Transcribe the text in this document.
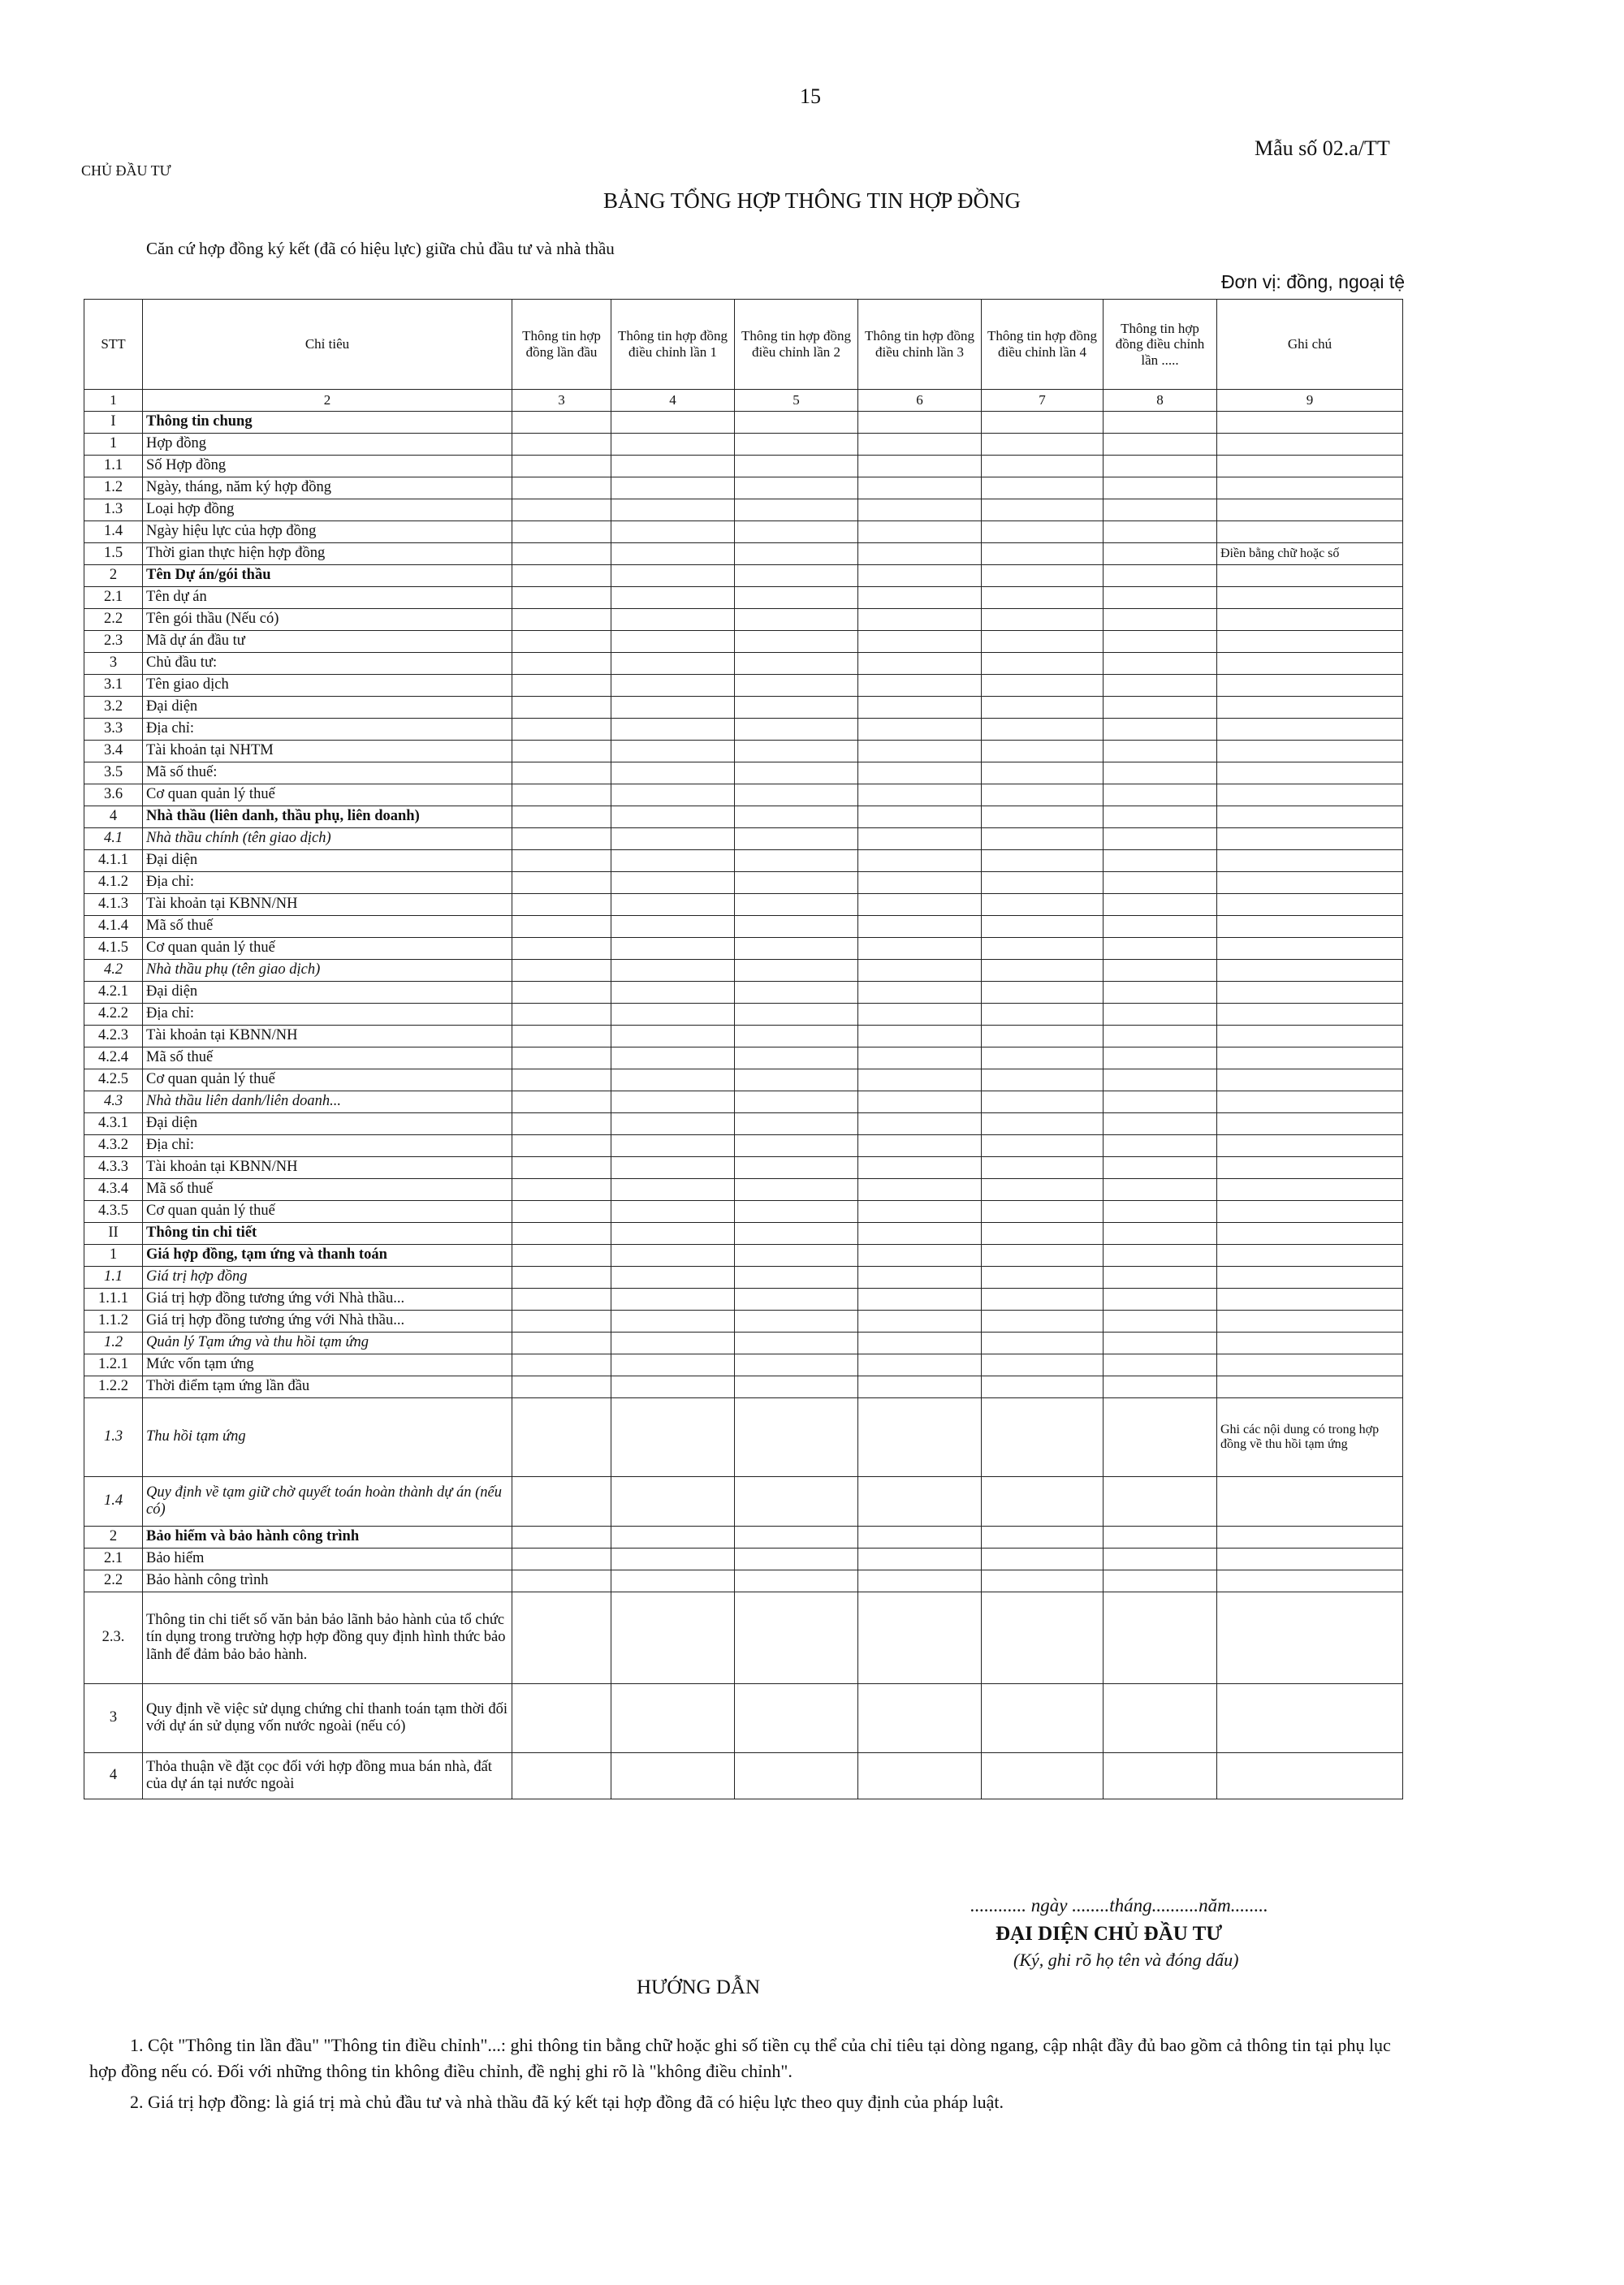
15
Mẫu số 02.a/TT
CHỦ ĐẦU TƯ
BẢNG TỔNG HỢP THÔNG TIN HỢP ĐỒNG
Căn cứ hợp đồng ký kết (đã có hiệu lực) giữa chủ đầu tư và nhà thầu
Đơn vị: đồng, ngoại tệ
STT	Chỉ tiêu	Thông tin hợp đồng lần đầu	Thông tin hợp đồng điều chỉnh lần 1	Thông tin hợp đồng điều chỉnh lần 2	Thông tin hợp đồng điều chỉnh lần 3	Thông tin hợp đồng điều chỉnh lần 4	Thông tin hợp đồng điều chỉnh lần .....	Ghi chú
1	2	3	4	5	6	7	8	9
I	Thông tin chung							
1	Hợp đồng							
1.1	Số Hợp đồng							
1.2	Ngày, tháng, năm ký hợp đồng							
1.3	Loại hợp đồng							
1.4	Ngày hiệu lực của hợp đồng							
1.5	Thời gian thực hiện hợp đồng							Điền bằng chữ hoặc số
2	Tên Dự án/gói thầu							
2.1	Tên dự án							
2.2	Tên gói thầu (Nếu có)							
2.3	Mã dự án đầu tư							
3	Chủ đầu tư:							
3.1	Tên giao dịch							
3.2	Đại diện							
3.3	Địa chỉ:							
3.4	Tài khoản tại NHTM							
3.5	Mã số thuế:							
3.6	Cơ quan quản lý thuế							
4	Nhà thầu (liên danh, thầu phụ, liên doanh)							
4.1	Nhà thầu chính (tên giao dịch)							
4.1.1	Đại diện							
4.1.2	Địa chỉ:							
4.1.3	Tài khoản tại KBNN/NH							
4.1.4	Mã số thuế							
4.1.5	Cơ quan quản lý thuế							
4.2	Nhà thầu phụ (tên giao dịch)							
4.2.1	Đại diện							
4.2.2	Địa chỉ:							
4.2.3	Tài khoản tại KBNN/NH							
4.2.4	Mã số thuế							
4.2.5	Cơ quan quản lý thuế							
4.3	Nhà thầu liên danh/liên doanh...							
4.3.1	Đại diện							
4.3.2	Địa chỉ:							
4.3.3	Tài khoản tại KBNN/NH							
4.3.4	Mã số thuế							
4.3.5	Cơ quan quản lý thuế							
II	Thông tin chi tiết							
1	Giá hợp đồng, tạm ứng và thanh toán							
1.1	Giá trị hợp đồng							
1.1.1	Giá trị hợp đồng tương ứng với Nhà thầu...							
1.1.2	Giá trị hợp đồng tương ứng với Nhà thầu...							
1.2	Quản lý Tạm ứng và thu hồi tạm ứng							
1.2.1	Mức vốn tạm ứng							
1.2.2	Thời điểm tạm ứng lần đầu							
1.3	Thu hồi tạm ứng							Ghi các nội dung có trong hợp đồng về thu hồi tạm ứng
1.4	Quy định về tạm giữ chờ quyết toán hoàn thành dự án (nếu có)							
2	Bảo hiểm và bảo hành công trình							
2.1	Bảo hiểm							
2.2	Bảo hành công trình							
2.3.	Thông tin chi tiết số văn bản bảo lãnh bảo hành của tổ chức tín dụng trong trường hợp hợp đồng quy định hình thức bảo lãnh để đảm bảo bảo hành.							
3	Quy định về việc sử dụng chứng chỉ thanh toán tạm thời đối với dự án sử dụng vốn nước ngoài (nếu có)							
4	Thỏa thuận về đặt cọc đối với hợp đồng mua bán nhà, đất của dự án tại nước ngoài							
............ ngày ........tháng..........năm........
ĐẠI DIỆN CHỦ ĐẦU TƯ
(Ký, ghi rõ họ tên và đóng dấu)
HƯỚNG DẪN
1. Cột "Thông tin lần đầu" "Thông tin điều chỉnh"...: ghi thông tin bằng chữ hoặc ghi số tiền cụ thể của chỉ tiêu tại dòng ngang, cập nhật đầy đủ bao gồm cả thông tin tại phụ lục hợp đồng nếu có. Đối với những thông tin không điều chỉnh, đề nghị ghi rõ là "không điều chỉnh".
2. Giá trị hợp đồng: là giá trị mà chủ đầu tư và nhà thầu đã ký kết tại hợp đồng đã có hiệu lực theo quy định của pháp luật.
